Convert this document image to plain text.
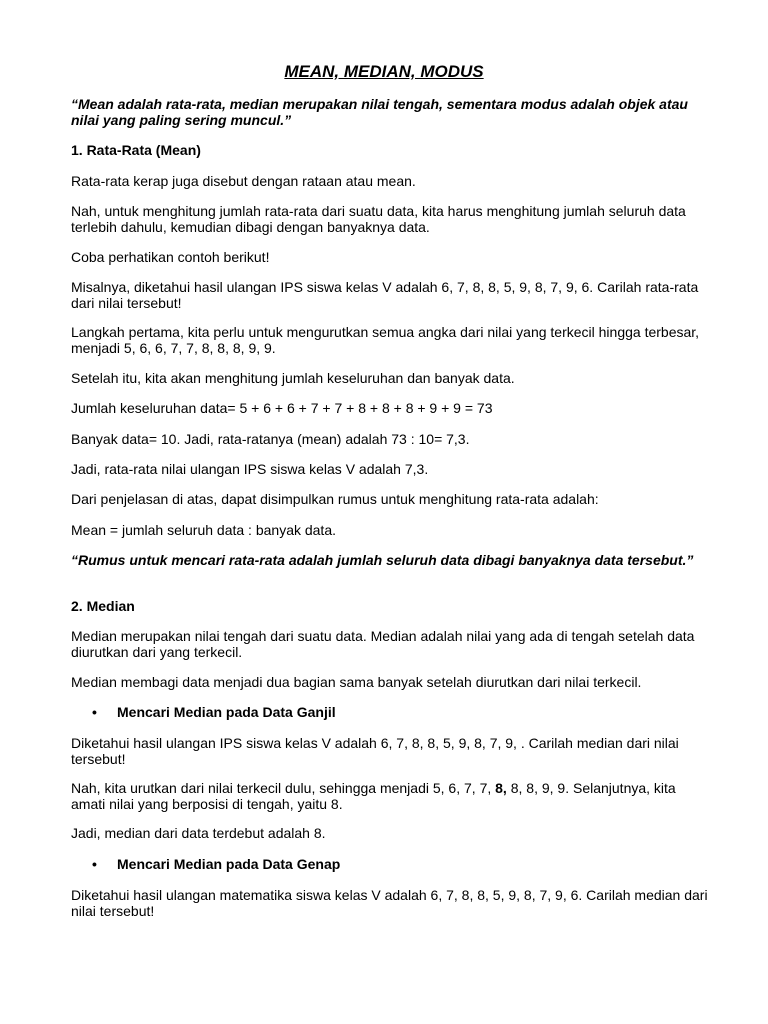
MEAN, MEDIAN, MODUS

“Mean adalah rata-rata, median merupakan nilai tengah, sementara modus adalah objek atau nilai yang paling sering muncul.”

1. Rata-Rata (Mean)

Rata-rata kerap juga disebut dengan rataan atau mean.

Nah, untuk menghitung jumlah rata-rata dari suatu data, kita harus menghitung jumlah seluruh data terlebih dahulu, kemudian dibagi dengan banyaknya data.

Coba perhatikan contoh berikut!

Misalnya, diketahui hasil ulangan IPS siswa kelas V adalah 6, 7, 8, 8, 5, 9, 8, 7, 9, 6. Carilah rata-rata dari nilai tersebut!

Langkah pertama, kita perlu untuk mengurutkan semua angka dari nilai yang terkecil hingga terbesar, menjadi 5, 6, 6, 7, 7, 8, 8, 8, 9, 9.

Setelah itu, kita akan menghitung jumlah keseluruhan dan banyak data.

Jumlah keseluruhan data= 5 + 6 + 6 + 7 + 7 + 8 + 8 + 8 + 9 + 9 = 73

Banyak data= 10. Jadi, rata-ratanya (mean) adalah 73 : 10= 7,3.

Jadi, rata-rata nilai ulangan IPS siswa kelas V adalah 7,3.

Dari penjelasan di atas, dapat disimpulkan rumus untuk menghitung rata-rata adalah:

Mean = jumlah seluruh data : banyak data.

“Rumus untuk mencari rata-rata adalah jumlah seluruh data dibagi banyaknya data tersebut.”

2. Median

Median merupakan nilai tengah dari suatu data. Median adalah nilai yang ada di tengah setelah data diurutkan dari yang terkecil.

Median membagi data menjadi dua bagian sama banyak setelah diurutkan dari nilai terkecil.

• Mencari Median pada Data Ganjil

Diketahui hasil ulangan IPS siswa kelas V adalah 6, 7, 8, 8, 5, 9, 8, 7, 9, . Carilah median dari nilai tersebut!

Nah, kita urutkan dari nilai terkecil dulu, sehingga menjadi 5, 6, 7, 7, 8, 8, 8, 9, 9. Selanjutnya, kita amati nilai yang berposisi di tengah, yaitu 8.

Jadi, median dari data terdebut adalah 8.

• Mencari Median pada Data Genap

Diketahui hasil ulangan matematika siswa kelas V adalah 6, 7, 8, 8, 5, 9, 8, 7, 9, 6. Carilah median dari nilai tersebut!
